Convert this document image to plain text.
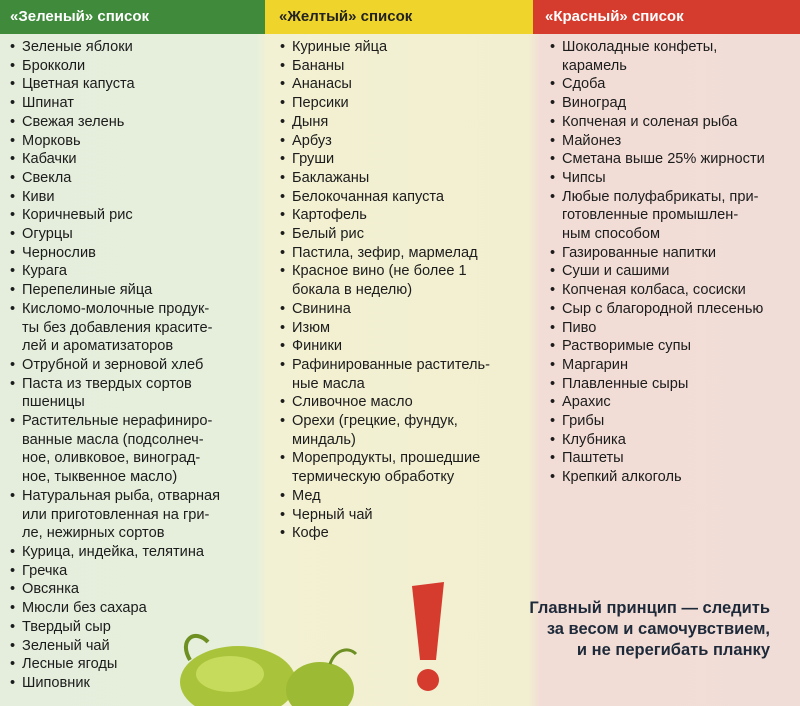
«Зеленый» список	«Желтый» список	«Красный» список
• Зеленые яблоки
• Брокколи
• Цветная капуста
• Шпинат
• Свежая зелень
• Морковь
• Кабачки
• Свекла
• Киви
• Коричневый рис
• Огурцы
• Чернослив
• Курага
• Перепелиные яйца
• Кисломо-молочные продук-
ты без добавления красите-
лей и ароматизаторов
• Отрубной и зерновой хлеб
• Паста из твердых сортов
пшеницы
• Растительные нерафиниро-
ванные масла (подсолнеч-
ное, оливковое, виноград-
ное, тыквенное масло)
• Натуральная рыба, отварная
или приготовленная на гри-
ле, нежирных сортов
• Курица, индейка, телятина
• Гречка
• Овсянка
• Мюсли без сахара
• Твердый сыр
• Зеленый чай
• Лесные ягоды
• Шиповник
• Куриные яйца
• Бананы
• Ананасы
• Персики
• Дыня
• Арбуз
• Груши
• Баклажаны
• Белокочанная капуста
• Картофель
• Белый рис
• Пастила, зефир, мармелад
• Красное вино (не более 1
бокала в неделю)
• Свинина
• Изюм
• Финики
• Рафинированные раститель-
ные масла
• Сливочное масло
• Орехи (грецкие, фундук,
миндаль)
• Морепродукты, прошедшие
термическую обработку
• Мед
• Черный чай
• Кофе
• Шоколадные конфеты,
карамель
• Сдоба
• Виноград
• Копченая и соленая рыба
• Майонез
• Сметана выше 25% жирности
• Чипсы
• Любые полуфабрикаты, при-
готовленные промышлен-
ным способом
• Газированные напитки
• Суши и сашими
• Копченая колбаса, сосиски
• Сыр с благородной плесенью
• Пиво
• Растворимые супы
• Маргарин
• Плавленные сыры
• Арахис
• Грибы
• Клубника
• Паштеты
• Крепкий алкоголь
Главный принцип — следить
за весом и самочувствием,
и не перегибать планку
